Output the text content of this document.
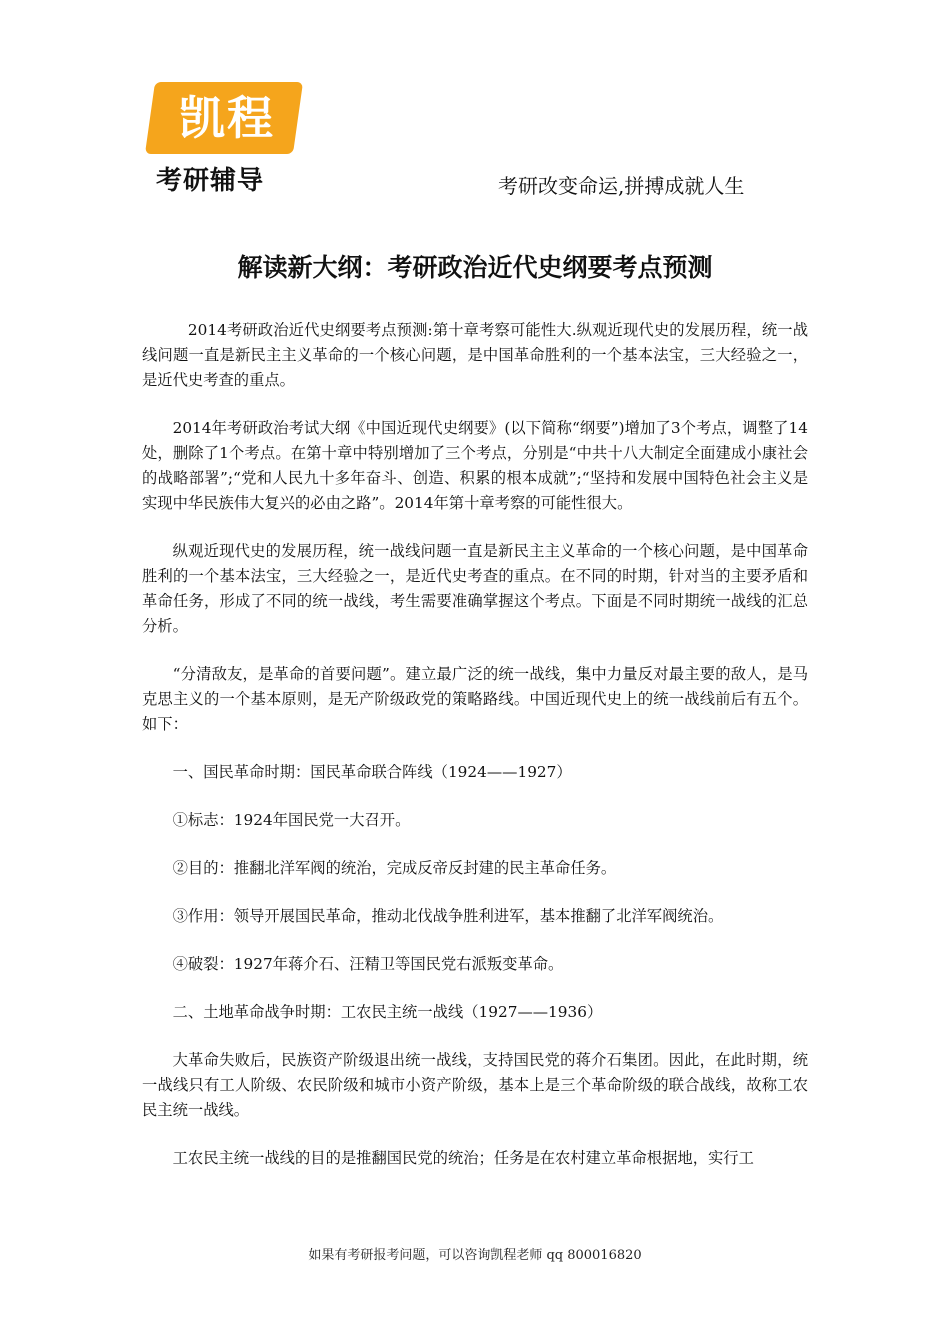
凯程
考研辅导	考研改变命运,拼搏成就人生
解读新大纲：考研政治近代史纲要考点预测

2014考研政治近代史纲要考点预测:第十章考察可能性大.纵观近现代史的发展历程，统一战线问题一直是新民主主义革命的一个核心问题，是中国革命胜利的一个基本法宝，三大经验之一，是近代史考查的重点。

2014年考研政治考试大纲《中国近现代史纲要》(以下简称“纲要”)增加了3个考点，调整了14处，删除了1个考点。在第十章中特别增加了三个考点，分别是“中共十八大制定全面建成小康社会的战略部署”;“党和人民九十多年奋斗、创造、积累的根本成就”;“坚持和发展中国特色社会主义是实现中华民族伟大复兴的必由之路”。2014年第十章考察的可能性很大。

纵观近现代史的发展历程，统一战线问题一直是新民主主义革命的一个核心问题，是中国革命胜利的一个基本法宝，三大经验之一，是近代史考查的重点。在不同的时期，针对当的主要矛盾和革命任务，形成了不同的统一战线，考生需要准确掌握这个考点。下面是不同时期统一战线的汇总分析。

“分清敌友，是革命的首要问题”。建立最广泛的统一战线，集中力量反对最主要的敌人，是马克思主义的一个基本原则，是无产阶级政党的策略路线。中国近现代史上的统一战线前后有五个。如下：

一、国民革命时期：国民革命联合阵线（1924——1927）

①标志：1924年国民党一大召开。

②目的：推翻北洋军阀的统治，完成反帝反封建的民主革命任务。

③作用：领导开展国民革命，推动北伐战争胜利进军，基本推翻了北洋军阀统治。

④破裂：1927年蒋介石、汪精卫等国民党右派叛变革命。

二、土地革命战争时期：工农民主统一战线（1927——1936）

大革命失败后，民族资产阶级退出统一战线，支持国民党的蒋介石集团。因此，在此时期，统一战线只有工人阶级、农民阶级和城市小资产阶级，基本上是三个革命阶级的联合战线，故称工农民主统一战线。

工农民主统一战线的目的是推翻国民党的统治；任务是在农村建立革命根据地，实行工

如果有考研报考问题，可以咨询凯程老师 qq 800016820
